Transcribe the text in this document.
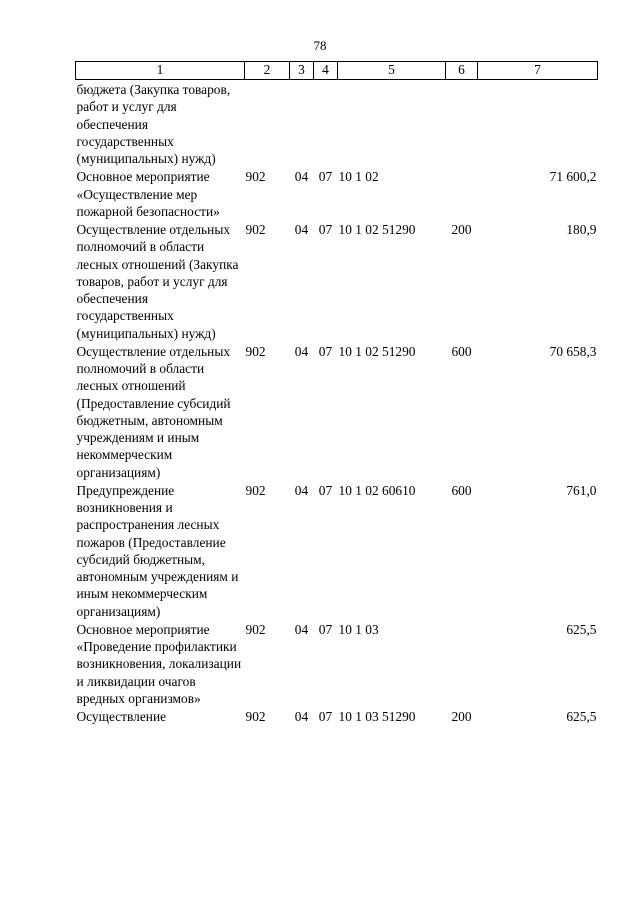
78
1	2	3	4	5	6	7
бюджета (Закупка товаров, работ и услуг для обеспечения государственных (муниципальных) нужд)						
Основное мероприятие «Осуществление мер пожарной безопасности»	902	04	07	10 1 02		71 600,2
Осуществление отдельных полномочий в области лесных отношений (Закупка товаров, работ и услуг для обеспечения государственных (муниципальных) нужд)	902	04	07	10 1 02 51290	200	180,9
Осуществление отдельных полномочий в области лесных отношений (Предоставление субсидий бюджетным, автономным учреждениям и иным некоммерческим организациям)	902	04	07	10 1 02 51290	600	70 658,3
Предупреждение возникновения и распространения лесных пожаров (Предоставление субсидий бюджетным, автономным учреждениям и иным некоммерческим организациям)	902	04	07	10 1 02 60610	600	761,0
Основное мероприятие «Проведение профилактики возникновения, локализации и ликвидации очагов вредных организмов»	902	04	07	10 1 03		625,5
Осуществление	902	04	07	10 1 03 51290	200	625,5
